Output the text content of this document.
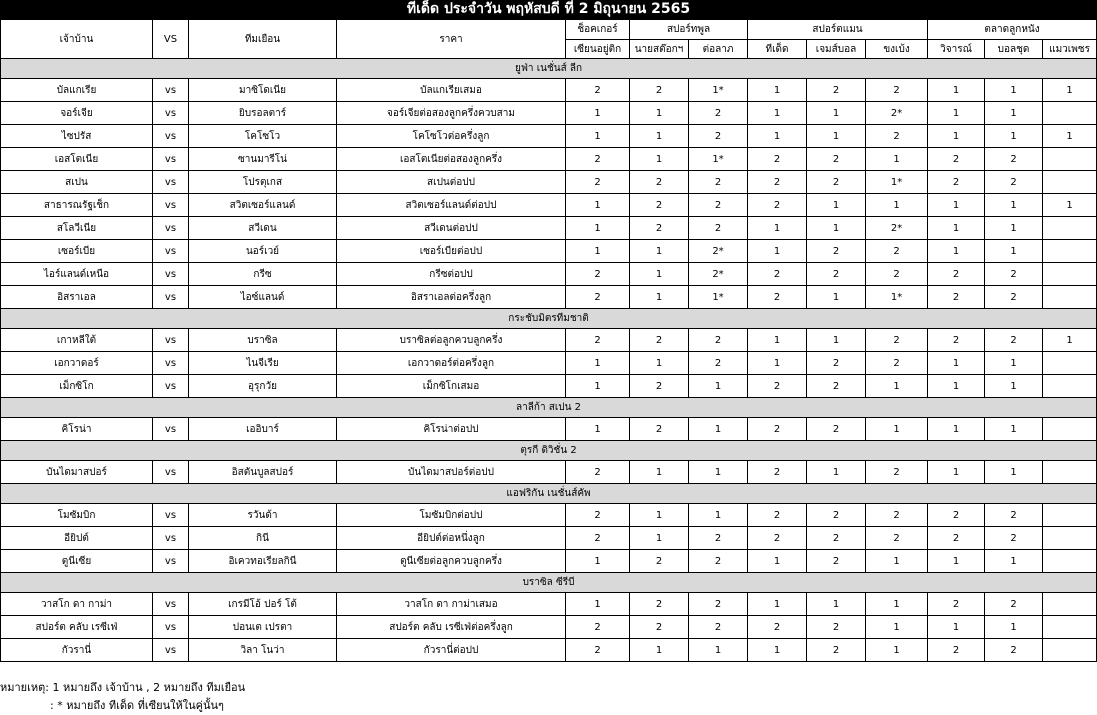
ทีเด็ด ประจำวัน พฤหัสบดี ที่ 2 มิถุนายน 2565
เจ้าบ้าน	VS	ทีมเยือน	ราคา	ช็อคเกอร์	สปอร์ทพูล		สปอร์ตแมน			ตลาดลูกหนัง		
				เซียนอยู่ติก	นายสต๊อกฯ	ต่อลาภ	ทีเด็ด	เจมส์บอล	ขงเบ้ง	วิจารณ์	บอลชุด	แมวเพชร
ยูฟ่า เนชั่นส์ ลีก												
บัลแกเรีย	vs	มาซิโดเนีย	บัลแกเรียเสมอ	2	2	1*	1	2	2	1	1	1
จอร์เจีย	vs	ยิบรอลตาร์	จอร์เจียต่อสองลูกครึ่งควบสาม	1	1	2	1	1	2*	1	1	
ไซปรัส	vs	โคโซโว	โคโซโวต่อครึ่งลูก	1	1	2	1	1	2	1	1	1
เอสโตเนีย	vs	ซานมารีโน่	เอสโตเนียต่อสองลูกครึ่ง	2	1	1*	2	2	1	2	2	
สเปน	vs	โปรตุเกส	สเปนต่อปป	2	2	2	2	2	1*	2	2	
สาธารณรัฐเช็ก	vs	สวิตเซอร์แลนด์	สวิตเซอร์แลนด์ต่อปป	1	2	2	2	1	1	1	1	1
สโลวีเนีย	vs	สวีเดน	สวีเดนต่อปป	1	2	2	1	1	2*	1	1	
เซอร์เบีย	vs	นอร์เวย์	เซอร์เบียต่อปป	1	1	2*	1	2	2	1	1	
ไอร์แลนด์เหนือ	vs	กรีซ	กรีซต่อปป	2	1	2*	2	2	2	2	2	
อิสราเอล	vs	ไอซ์แลนด์	อิสราเอลต่อครึ่งลูก	2	1	1*	2	1	1*	2	2	
กระชับมิตรทีมชาติ												
เกาหลีใต้	vs	บราซิล	บราซิลต่อลูกควบลูกครึ่ง	2	2	2	1	1	2	2	2	1
เอกวาดอร์	vs	ไนจีเรีย	เอกวาดอร์ต่อครึ่งลูก	1	1	2	1	2	2	1	1	
เม็กซิโก	vs	อุรุกวัย	เม็กซิโกเสมอ	1	2	1	2	2	1	1	1	
ลาลีก้า สเปน 2												
คิโรน่า	vs	เออิบาร์	คิโรน่าต่อปป	1	2	1	2	2	1	1	1	
ตุรกี ดิวิชั่น 2												
บันไดมาสปอร์	vs	อิสตันบูลสปอร์	บันไดมาสปอร์ต่อปป	2	1	1	2	1	2	1	1	
แอฟริกัน เนชั่นส์คัพ												
โมซัมบิก	vs	รวันด้า	โมซัมบิกต่อปป	2	1	1	2	2	2	2	2	
อียิปต์	vs	กินี	อียิปต์ต่อหนึ่งลูก	2	1	2	2	2	2	2	2	
ตูนีเซีย	vs	อิเควทอเรียลกินี	ตูนีเซียต่อลูกควบลูกครึ่ง	1	2	2	1	2	1	1	1	
บราซิล ซีรีบี												
วาสโก ดา กาม่า	vs	เกรมีโอ้ ปอร์ โต้	วาสโก ดา กาม่าเสมอ	1	2	2	1	1	1	2	2	
สปอร์ต คลับ เรซีเฟ่	vs	ปอนเต เปรตา	สปอร์ต คลับ เรซีเฟ่ต่อครึ่งลูก	2	2	2	2	2	1	1	1	
กัวรานี่	vs	วิลา โนว่า	กัวรานี่ต่อปป	2	1	1	1	2	1	2	2	
หมายเหตุ: 1 หมายถึง เจ้าบ้าน , 2 หมายถึง ทีมเยือน
: * หมายถึง ทีเด็ด ที่เซียนให้ในคู่นั้นๆ
